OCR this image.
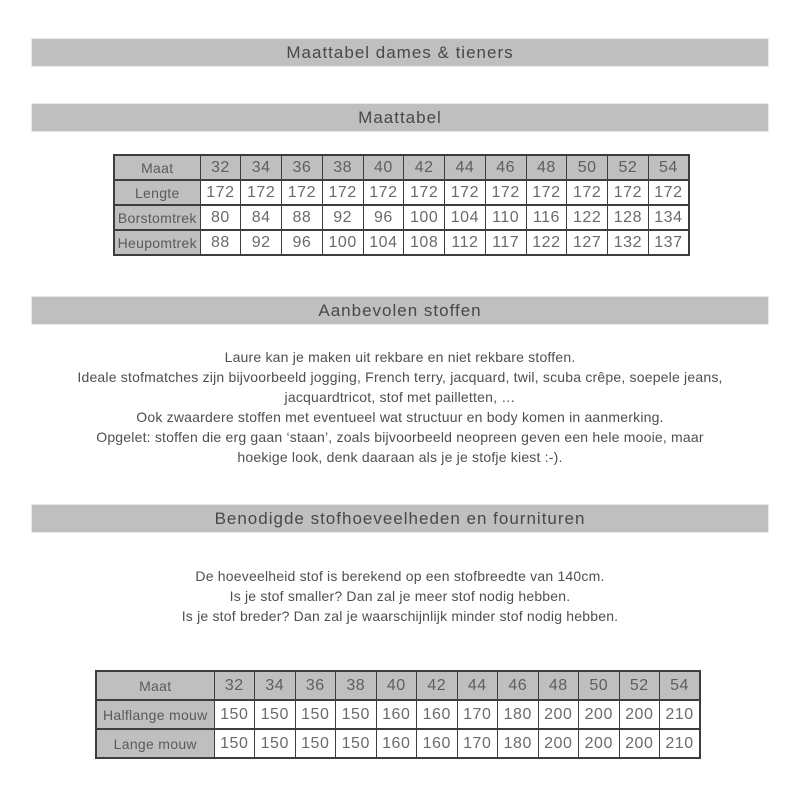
Maattabel dames & tieners
Maattabel
Maat	32	34	36	38	40	42	44	46	48	50	52	54
Lengte	172	172	172	172	172	172	172	172	172	172	172	172
Borstomtrek	80	84	88	92	96	100	104	110	116	122	128	134
Heupomtrek	88	92	96	100	104	108	112	117	122	127	132	137
Aanbevolen stoffen
Laure kan je maken uit rekbare en niet rekbare stoffen.
Ideale stofmatches zijn bijvoorbeeld jogging, French terry, jacquard, twil, scuba crêpe, soepele jeans,
jacquardtricot, stof met pailletten, …
Ook zwaardere stoffen met eventueel wat structuur en body komen in aanmerking.
Opgelet: stoffen die erg gaan ‘staan’, zoals bijvoorbeeld neopreen geven een hele mooie, maar
hoekige look, denk daaraan als je je stofje kiest :-).
Benodigde stofhoeveelheden en fournituren
De hoeveelheid stof is berekend op een stofbreedte van 140cm.
Is je stof smaller? Dan zal je meer stof nodig hebben.
Is je stof breder? Dan zal je waarschijnlijk minder stof nodig hebben.
Maat	32	34	36	38	40	42	44	46	48	50	52	54
Halflange mouw	150	150	150	150	160	160	170	180	200	200	200	210
Lange mouw	150	150	150	150	160	160	170	180	200	200	200	210
